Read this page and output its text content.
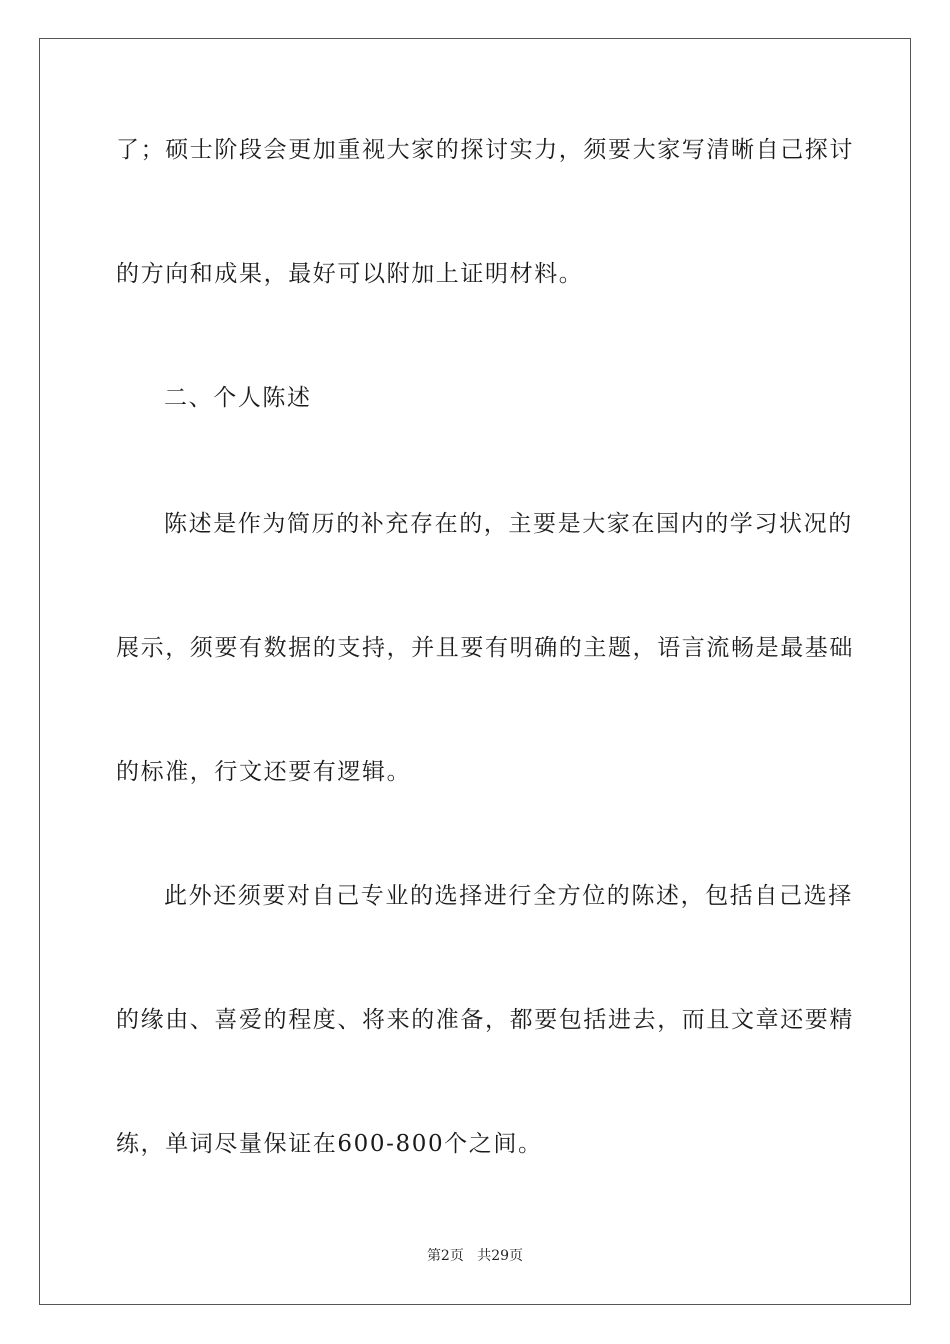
了；硕士阶段会更加重视大家的探讨实力，须要大家写清晰自己探讨
的方向和成果，最好可以附加上证明材料。
二、个人陈述
陈述是作为简历的补充存在的，主要是大家在国内的学习状况的
展示，须要有数据的支持，并且要有明确的主题，语言流畅是最基础
的标准，行文还要有逻辑。
此外还须要对自己专业的选择进行全方位的陈述，包括自己选择
的缘由、喜爱的程度、将来的准备，都要包括进去，而且文章还要精
练，单词尽量保证在600-800个之间。
第2页 共29页
